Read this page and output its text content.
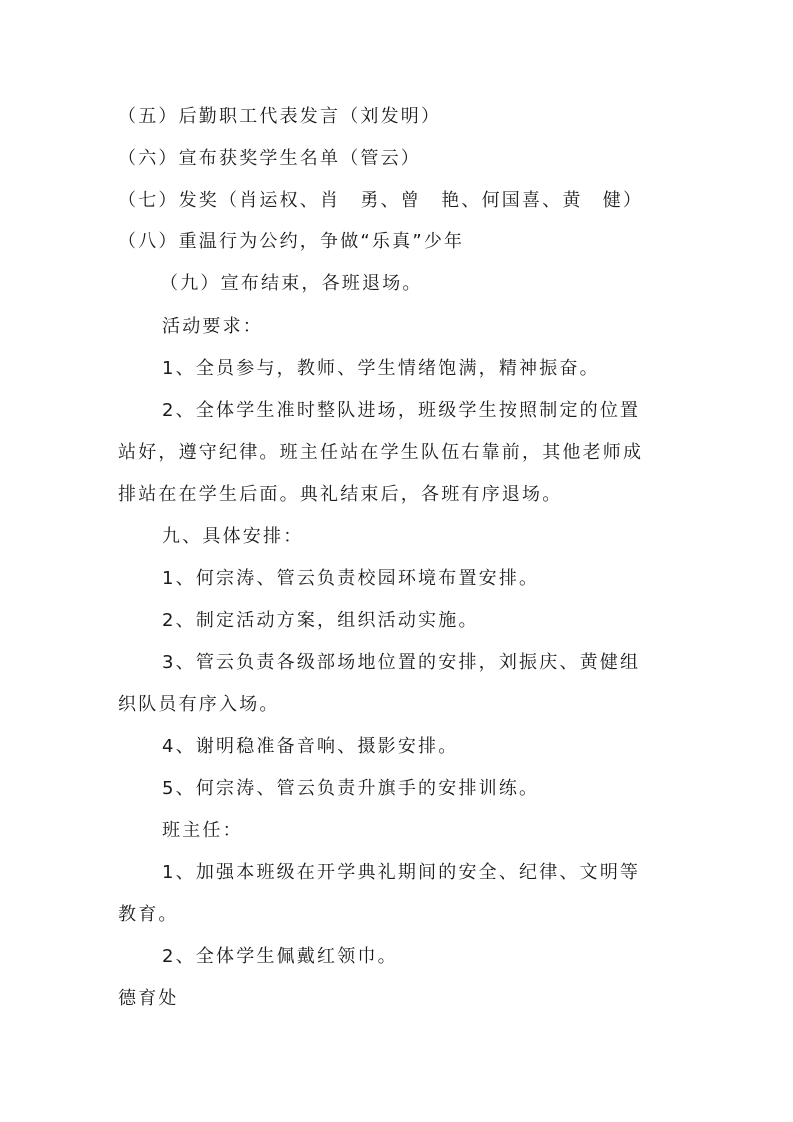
（五）后勤职工代表发言（刘发明）
（六）宣布获奖学生名单（管云）
（七）发奖（肖运权、肖　勇、曾　艳、何国喜、黄　健）
（八）重温行为公约，争做“乐真”少年
（九）宣布结束，各班退场。
活动要求：
1、全员参与，教师、学生情绪饱满，精神振奋。
2、全体学生准时整队进场，班级学生按照制定的位置
站好，遵守纪律。班主任站在学生队伍右靠前，其他老师成
排站在在学生后面。典礼结束后，各班有序退场。
九、具体安排：
1、何宗涛、管云负责校园环境布置安排。
2、制定活动方案，组织活动实施。
3、管云负责各级部场地位置的安排，刘振庆、黄健组
织队员有序入场。
4、谢明稳准备音响、摄影安排。
5、何宗涛、管云负责升旗手的安排训练。
班主任：
1、加强本班级在开学典礼期间的安全、纪律、文明等
教育。
2、全体学生佩戴红领巾。
德育处
